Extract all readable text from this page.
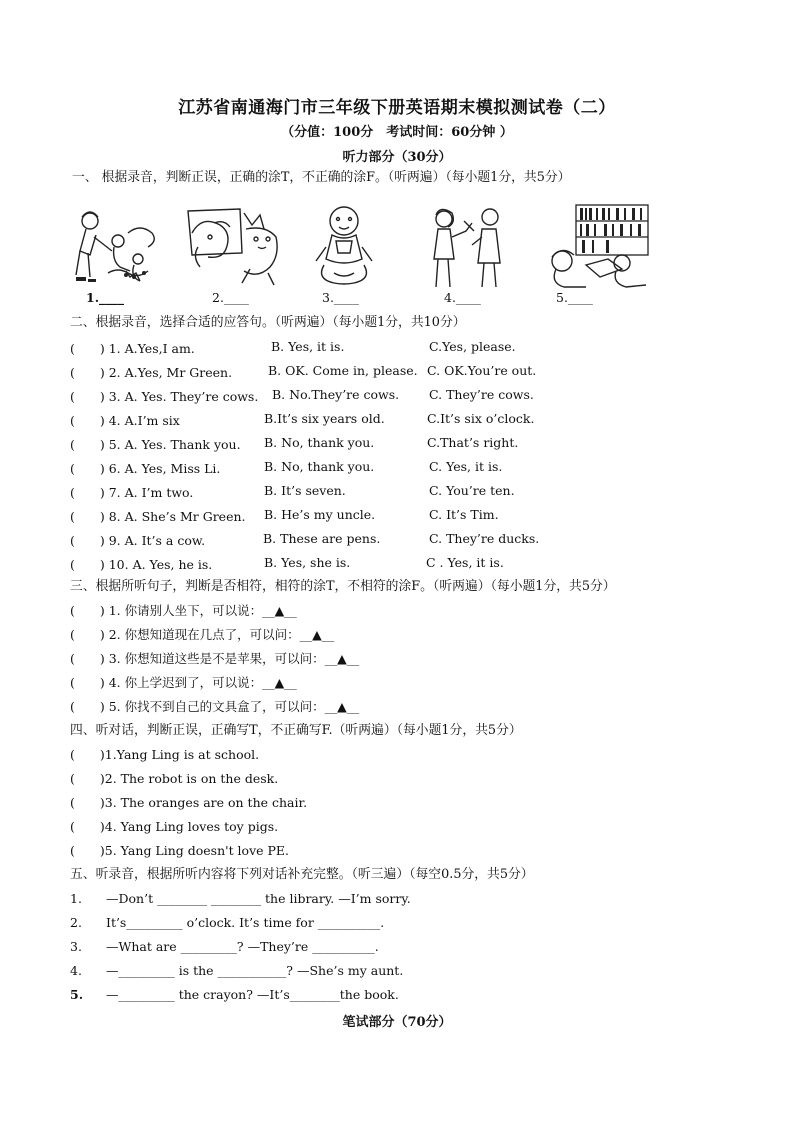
江苏省南通海门市三年级下册英语期末模拟测试卷（二）
（分值：100分　考试时间：60分钟 ）
听力部分（30分）
一、 根据录音，判断正误，正确的涂T，不正确的涂F。（听两遍）（每小题1分，共5分）
1.____	2.____	3.____	4.____	5.____
二、根据录音，选择合适的应答句。（听两遍）（每小题1分，共10分）
(　　) 1. A.Yes,I am.	B. Yes, it is.	C.Yes, please.
(　　) 2. A.Yes, Mr Green.	B. OK. Come in, please. C. OK.You’re out.
(　　) 3. A. Yes. They’re cows. B. No.They’re cows. C. They’re cows.
(　　) 4. A.I’m six	B.It’s six years old.	C.It’s six o’clock.
(　　) 5. A. Yes. Thank you. B. No, thank you.	C.That’s right.
(　　) 6. A. Yes, Miss Li.	B. No, thank you.	C. Yes, it is.
(　　) 7. A. I’m two.	B. It’s seven.	C. You’re ten.
(　　) 8. A. She’s Mr Green. B. He’s my uncle.	C. It’s Tim.
(　　) 9. A. It’s a cow.	B. These are pens.	C. They’re ducks.
(　　) 10. A. Yes, he is.	B. Yes, she is.	C . Yes, it is.
三、根据所听句子，判断是否相符，相符的涂T，不相符的涂F。（听两遍）（每小题1分，共5分）
(　　) 1. 你请别人坐下，可以说：__▲__
(　　) 2. 你想知道现在几点了，可以问：__▲__
(　　) 3. 你想知道这些是不是苹果，可以问：__▲__
(　　) 4. 你上学迟到了，可以说：__▲__
(　　) 5. 你找不到自己的文具盒了，可以问：__▲__
四、听对话，判断正误，正确写T，不正确写F.（听两遍）（每小题1分，共5分）
(　　)1.Yang Ling is at school.
(　　)2. The robot is on the desk.
(　　)3. The oranges are on the chair.
(　　)4. Yang Ling loves toy pigs.
(　　)5. Yang Ling doesn't love PE.
五、听录音，根据所听内容将下列对话补充完整。（听三遍）（每空0.5分，共5分）
1. —Don’t ________ ________ the library. —I’m sorry.
2. It’s_________ o’clock. It’s time for __________.
3. —What are _________? —They’re __________.
4. —_________ is the ___________? —She’s my aunt.
5. —_________ the crayon? —It’s________the book.
笔试部分（70分）
